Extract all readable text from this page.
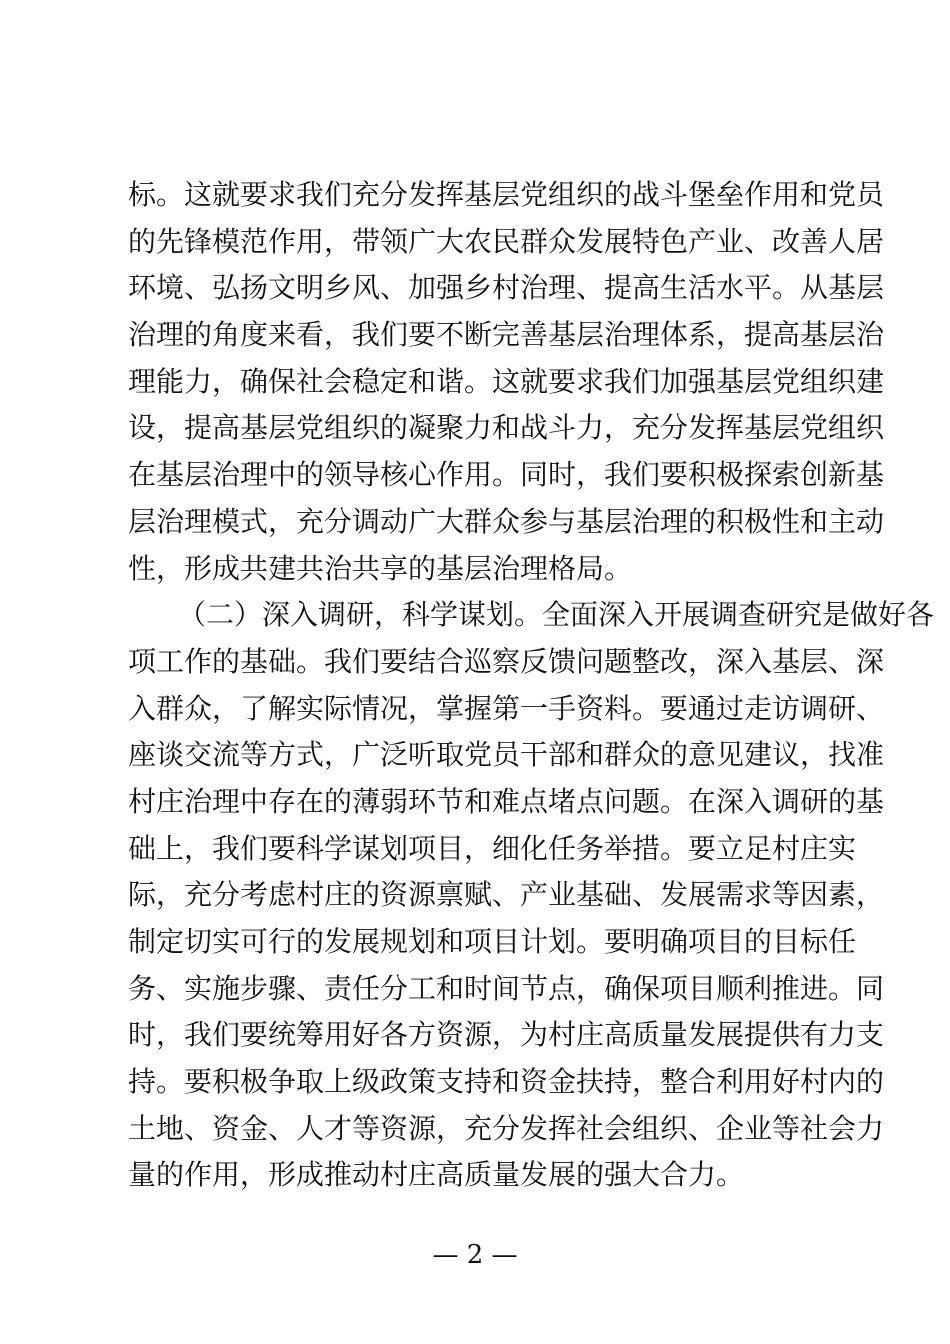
标。这就要求我们充分发挥基层党组织的战斗堡垒作用和党员
的先锋模范作用，带领广大农民群众发展特色产业、改善人居
环境、弘扬文明乡风、加强乡村治理、提高生活水平。从基层
治理的角度来看，我们要不断完善基层治理体系，提高基层治
理能力，确保社会稳定和谐。这就要求我们加强基层党组织建
设，提高基层党组织的凝聚力和战斗力，充分发挥基层党组织
在基层治理中的领导核心作用。同时，我们要积极探索创新基
层治理模式，充分调动广大群众参与基层治理的积极性和主动
性，形成共建共治共享的基层治理格局。
（二）深入调研，科学谋划。全面深入开展调查研究是做好各
项工作的基础。我们要结合巡察反馈问题整改，深入基层、深
入群众，了解实际情况，掌握第一手资料。要通过走访调研、
座谈交流等方式，广泛听取党员干部和群众的意见建议，找准
村庄治理中存在的薄弱环节和难点堵点问题。在深入调研的基
础上，我们要科学谋划项目，细化任务举措。要立足村庄实
际，充分考虑村庄的资源禀赋、产业基础、发展需求等因素，
制定切实可行的发展规划和项目计划。要明确项目的目标任
务、实施步骤、责任分工和时间节点，确保项目顺利推进。同
时，我们要统筹用好各方资源，为村庄高质量发展提供有力支
持。要积极争取上级政策支持和资金扶持，整合利用好村内的
土地、资金、人才等资源，充分发挥社会组织、企业等社会力
量的作用，形成推动村庄高质量发展的强大合力。
— 2 —
